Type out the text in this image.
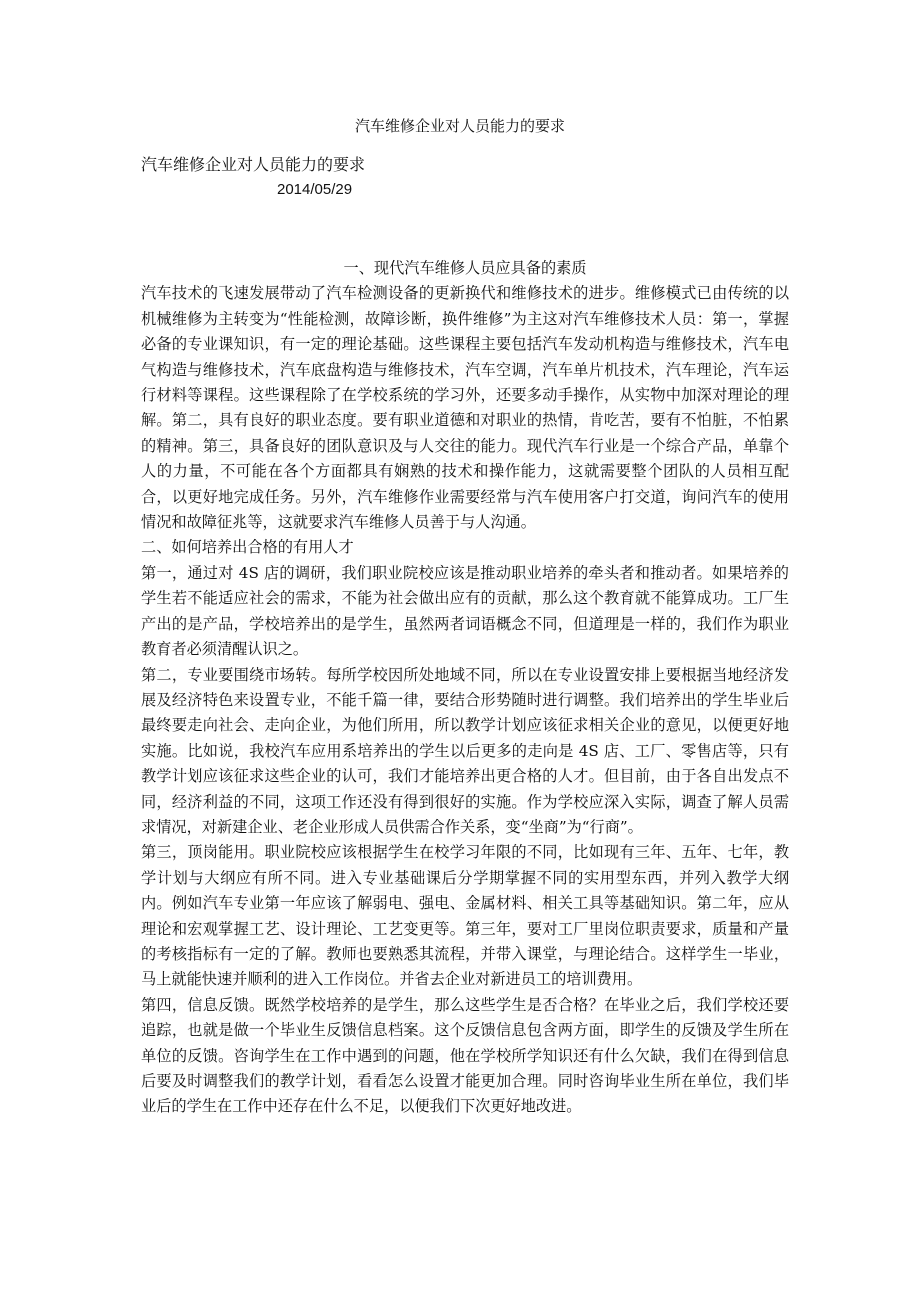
汽车维修企业对人员能力的要求
汽车维修企业对人员能力的要求
2014/05/29

一、现代汽车维修人员应具备的素质

汽车技术的飞速发展带动了汽车检测设备的更新换代和维修技术的进步。维修模式已由传统的以机械维修为主转变为“性能检测，故障诊断，换件维修”为主这对汽车维修技术人员：第一，掌握必备的专业课知识，有一定的理论基础。这些课程主要包括汽车发动机构造与维修技术，汽车电气构造与维修技术，汽车底盘构造与维修技术，汽车空调，汽车单片机技术，汽车理论，汽车运行材料等课程。这些课程除了在学校系统的学习外，还要多动手操作，从实物中加深对理论的理解。第二，具有良好的职业态度。要有职业道德和对职业的热情，肯吃苦，要有不怕脏，不怕累的精神。第三，具备良好的团队意识及与人交往的能力。现代汽车行业是一个综合产品，单靠个人的力量，不可能在各个方面都具有娴熟的技术和操作能力，这就需要整个团队的人员相互配合，以更好地完成任务。另外，汽车维修作业需要经常与汽车使用客户打交道，询问汽车的使用情况和故障征兆等，这就要求汽车维修人员善于与人沟通。

二、如何培养出合格的有用人才

第一，通过对 4S 店的调研，我们职业院校应该是推动职业培养的牵头者和推动者。如果培养的学生若不能适应社会的需求，不能为社会做出应有的贡献，那么这个教育就不能算成功。工厂生产出的是产品，学校培养出的是学生，虽然两者词语概念不同，但道理是一样的，我们作为职业教育者必须清醒认识之。

第二，专业要围绕市场转。每所学校因所处地域不同，所以在专业设置安排上要根据当地经济发展及经济特色来设置专业，不能千篇一律，要结合形势随时进行调整。我们培养出的学生毕业后最终要走向社会、走向企业，为他们所用，所以教学计划应该征求相关企业的意见，以便更好地实施。比如说，我校汽车应用系培养出的学生以后更多的走向是 4S 店、工厂、零售店等，只有教学计划应该征求这些企业的认可，我们才能培养出更合格的人才。但目前，由于各自出发点不同，经济利益的不同，这项工作还没有得到很好的实施。作为学校应深入实际，调查了解人员需求情况，对新建企业、老企业形成人员供需合作关系，变“坐商”为“行商”。

第三，顶岗能用。职业院校应该根据学生在校学习年限的不同，比如现有三年、五年、七年，教学计划与大纲应有所不同。进入专业基础课后分学期掌握不同的实用型东西，并列入教学大纲内。例如汽车专业第一年应该了解弱电、强电、金属材料、相关工具等基础知识。第二年，应从理论和宏观掌握工艺、设计理论、工艺变更等。第三年，要对工厂里岗位职责要求，质量和产量的考核指标有一定的了解。教师也要熟悉其流程，并带入课堂，与理论结合。这样学生一毕业，马上就能快速并顺利的进入工作岗位。并省去企业对新进员工的培训费用。

第四，信息反馈。既然学校培养的是学生，那么这些学生是否合格？在毕业之后，我们学校还要追踪，也就是做一个毕业生反馈信息档案。这个反馈信息包含两方面，即学生的反馈及学生所在单位的反馈。咨询学生在工作中遇到的问题，他在学校所学知识还有什么欠缺，我们在得到信息后要及时调整我们的教学计划，看看怎么设置才能更加合理。同时咨询毕业生所在单位，我们毕业后的学生在工作中还存在什么不足，以便我们下次更好地改进。
